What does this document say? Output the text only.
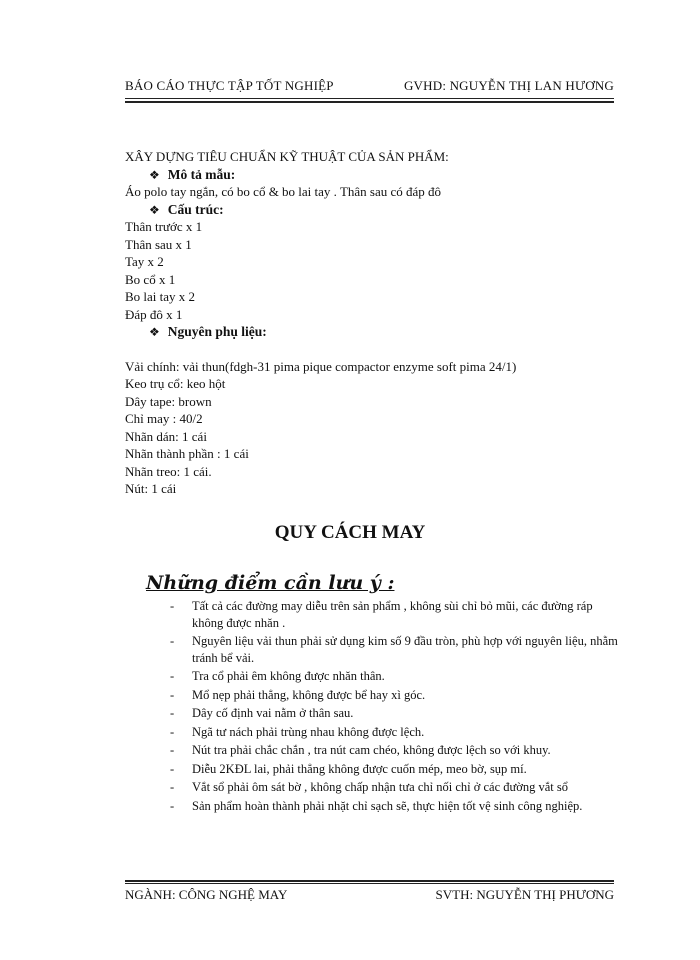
BÁO CÁO THỰC TẬP TỐT NGHIỆP	GVHD: NGUYỄN THỊ LAN HƯƠNG
XÂY DỰNG TIÊU CHUẨN KỸ THUẬT CỦA SẢN PHẨM:
❖ Mô tả mẫu:
Áo polo tay ngắn, có bo cổ & bo lai tay . Thân sau có đáp đô
❖ Cấu trúc:
Thân trước x 1
Thân sau x 1
Tay x 2
Bo cổ x 1
Bo lai tay x 2
Đáp đô x 1
❖ Nguyên phụ liệu:
Vải chính: vải thun(fdgh-31 pima pique compactor enzyme soft pima 24/1)
Keo trụ cổ: keo hột
Dây tape: brown
Chỉ may : 40/2
Nhãn dán: 1 cái
Nhãn thành phần : 1 cái
Nhãn treo: 1 cái.
Nút: 1 cái
QUY CÁCH MAY
Những điểm cần lưu ý :
- Tất cả các đường may diễu trên sản phẩm , không sùi chỉ bỏ mũi, các đường ráp không được nhăn .
- Nguyên liệu vải thun phải sử dụng kim số 9 đầu tròn, phù hợp với nguyên liệu, nhằm tránh bể vải.
- Tra cổ phải êm không được nhăn thân.
- Mổ nẹp phải thẳng, không được bể hay xì góc.
- Dây cố định vai nằm ở thân sau.
- Ngã tư nách phải trùng nhau không được lệch.
- Nút tra phải chắc chắn , tra nút cam chéo, không được lệch so với khuy.
- Diễu 2KĐL lai, phải thẳng không được cuốn mép, meo bờ, sụp mí.
- Vắt sổ phải ôm sát bờ , không chấp nhận tưa chỉ nối chỉ ở các đường vắt sổ
- Sản phẩm hoàn thành phải nhặt chỉ sạch sẽ, thực hiện tốt vệ sinh công nghiệp.
NGÀNH: CÔNG NGHỆ MAY	SVTH: NGUYỄN THỊ PHƯƠNG
